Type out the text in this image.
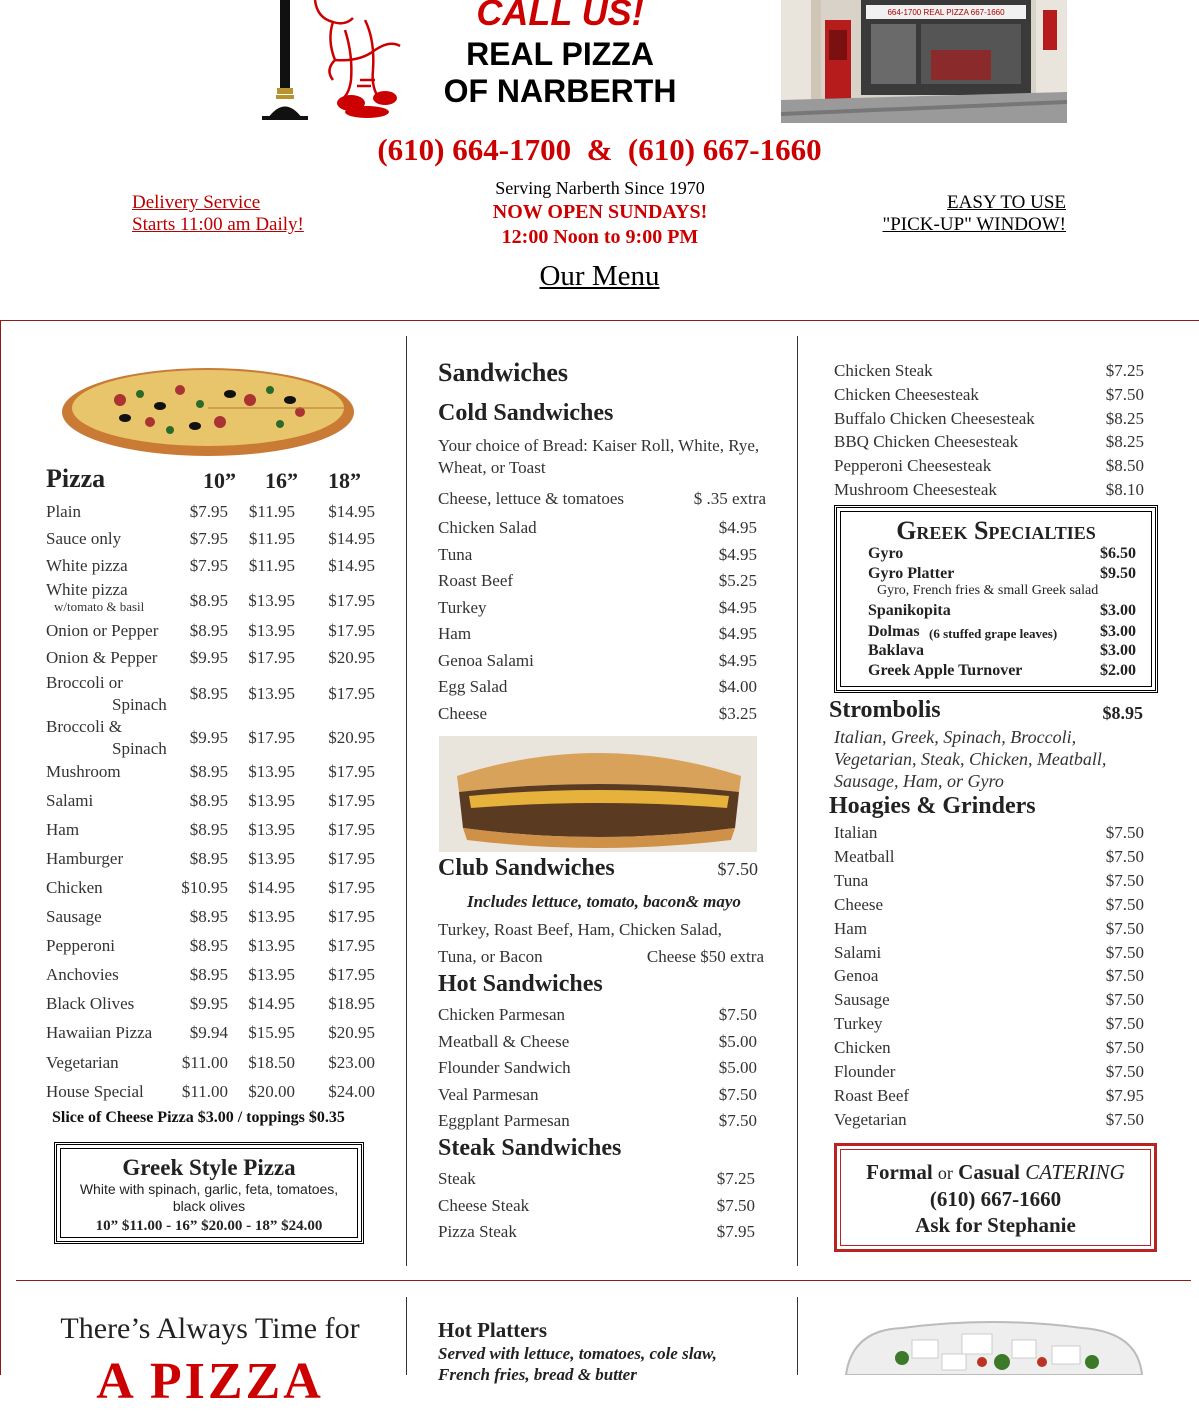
CALL US!
REAL PIZZA
OF NARBERTH
664-1700 REAL PIZZA 667-1660
(610) 664-1700  &  (610) 667-1660
Delivery Service
Starts 11:00 am Daily!
Serving Narberth Since 1970
NOW OPEN SUNDAYS!
12:00 Noon to 9:00 PM
EASY TO USE
"PICK-UP" WINDOW!
Our Menu
Pizza	10” 16” 18”
Plain	$7.95	$11.95	$14.95
Sauce only	$7.95	$11.95	$14.95
White pizza	$7.95	$11.95	$14.95
White pizza
w/tomato & basil	$8.95	$13.95	$17.95
Onion or Pepper	$8.95	$13.95	$17.95
Onion & Pepper	$9.95	$17.95	$20.95
Broccoli or
Spinach
$8.95	$13.95	$17.95
Broccoli &
Spinach
$9.95	$17.95	$20.95
Mushroom	$8.95	$13.95	$17.95
Salami	$8.95	$13.95	$17.95
Ham	$8.95	$13.95	$17.95
Hamburger	$8.95	$13.95	$17.95
Chicken	$10.95	$14.95	$17.95
Sausage	$8.95	$13.95	$17.95
Pepperoni	$8.95	$13.95	$17.95
Anchovies	$8.95	$13.95	$17.95
Black Olives	$9.95	$14.95	$18.95
Hawaiian Pizza	$9.94	$15.95	$20.95
Vegetarian	$11.00	$18.50	$23.00
House Special	$11.00	$20.00	$24.00
Slice of Cheese Pizza $3.00 / toppings $0.35
Greek Style Pizza
White with spinach, garlic, feta, tomatoes, black olives
10” $11.00 - 16” $20.00 - 18” $24.00
Sandwiches
Cold Sandwiches
Your choice of Bread: Kaiser Roll, White, Rye, Wheat, or Toast
Cheese, lettuce & tomatoes	$ .35 extra
Chicken Salad	$4.95
Tuna	$4.95
Roast Beef	$5.25
Turkey	$4.95
Ham	$4.95
Genoa Salami	$4.95
Egg Salad	$4.00
Cheese	$3.25
Club Sandwiches	$7.50
Includes lettuce, tomato, bacon& mayo
Turkey, Roast Beef, Ham, Chicken Salad,
Tuna, or Bacon	Cheese $50 extra
Hot Sandwiches
Chicken Parmesan	$7.50
Meatball & Cheese	$5.00
Flounder Sandwich	$5.00
Veal Parmesan	$7.50
Eggplant Parmesan	$7.50
Steak Sandwiches
Steak	$7.25
Cheese Steak	$7.50
Pizza Steak	$7.95
Chicken Steak	$7.25
Chicken Cheesesteak	$7.50
Buffalo Chicken Cheesesteak	$8.25
BBQ Chicken Cheesesteak	$8.25
Pepperoni Cheesesteak	$8.50
Mushroom Cheesesteak	$8.10
Greek Specialties
Gyro	$6.50
Gyro Platter	$9.50
Spanikopita	$3.00
Dolmas (6 stuffed grape leaves)	$3.00
Baklava	$3.00
Greek Apple Turnover	$2.00
Gyro, French fries & small Greek salad
Strombolis	$8.95
Italian, Greek, Spinach, Broccoli, Vegetarian, Steak, Chicken, Meatball, Sausage, Ham, or Gyro
Hoagies & Grinders
Italian	$7.50
Meatball	$7.50
Tuna	$7.50
Cheese	$7.50
Ham	$7.50
Salami	$7.50
Genoa	$7.50
Sausage	$7.50
Turkey	$7.50
Chicken	$7.50
Flounder	$7.50
Roast Beef	$7.95
Vegetarian	$7.50
Formal or Casual CATERING
(610) 667-1660
Ask for Stephanie
There’s Always Time for
A PIZZA
Hot Platters
Served with lettuce, tomatoes, cole slaw,
French fries, bread & butter
